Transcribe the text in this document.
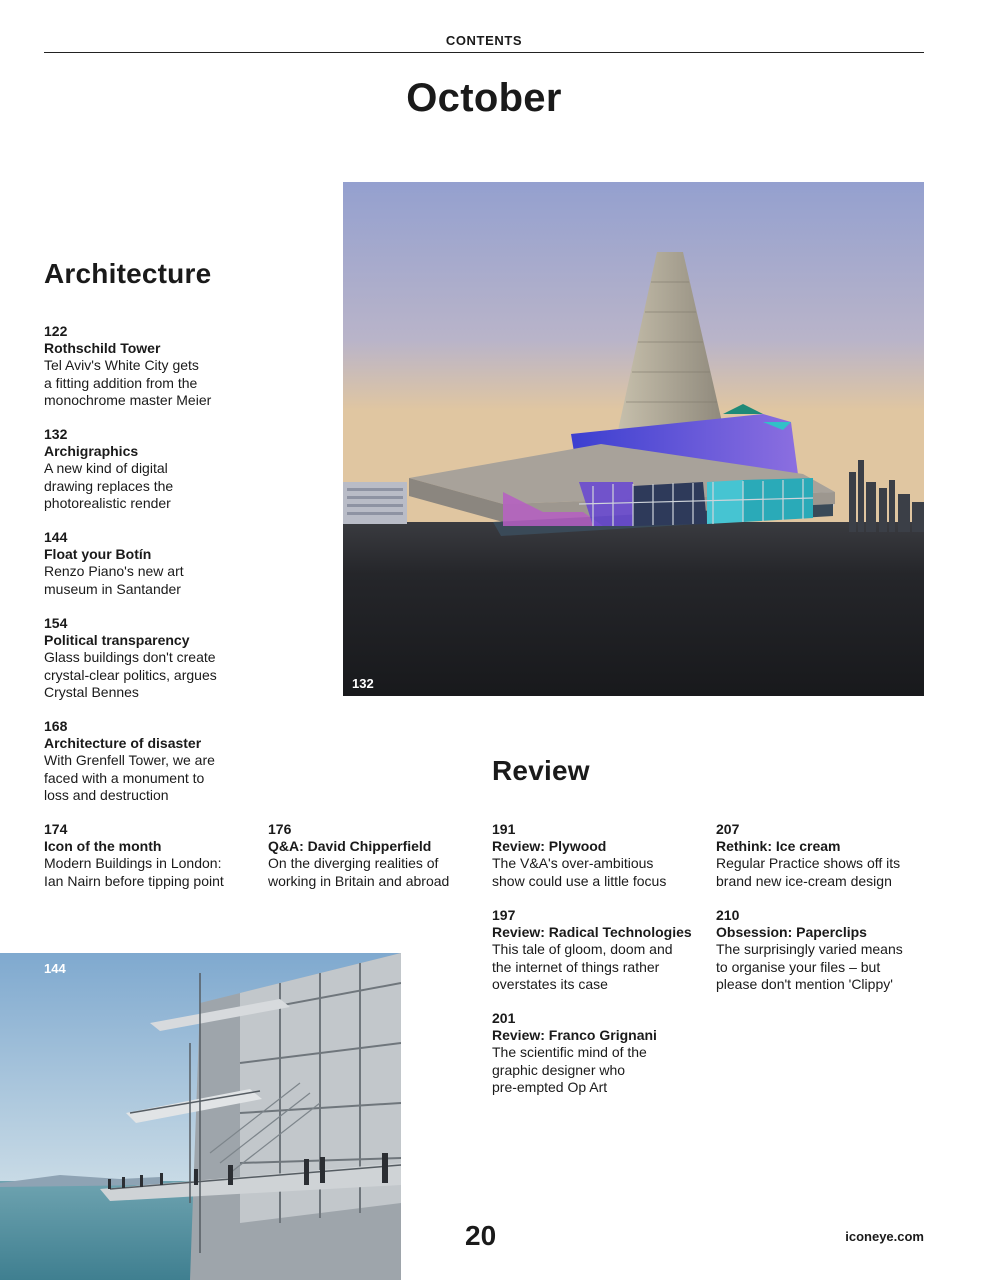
CONTENTS
October
132
Architecture
122
Rothschild Tower
Tel Aviv's White City gets
a fitting addition from the
monochrome master Meier
132
Archigraphics
A new kind of digital
drawing replaces the
photorealistic render
144
Float your Botín
Renzo Piano's new art
museum in Santander
154
Political transparency
Glass buildings don't create
crystal-clear politics, argues
Crystal Bennes
168
Architecture of disaster
With Grenfell Tower, we are
faced with a monument to
loss and destruction
174
Icon of the month
Modern Buildings in London:
Ian Nairn before tipping point
176
Q&A: David Chipperfield
On the diverging realities of
working in Britain and abroad
Review
191
Review: Plywood
The V&A's over-ambitious
show could use a little focus
197
Review: Radical Technologies
This tale of gloom, doom and
the internet of things rather
overstates its case
201
Review: Franco Grignani
The scientific mind of the
graphic designer who
pre-empted Op Art
207
Rethink: Ice cream
Regular Practice shows off its
brand new ice-cream design
210
Obsession: Paperclips
The surprisingly varied means
to organise your files – but
please don't mention 'Clippy'
144
20	iconeye.com
